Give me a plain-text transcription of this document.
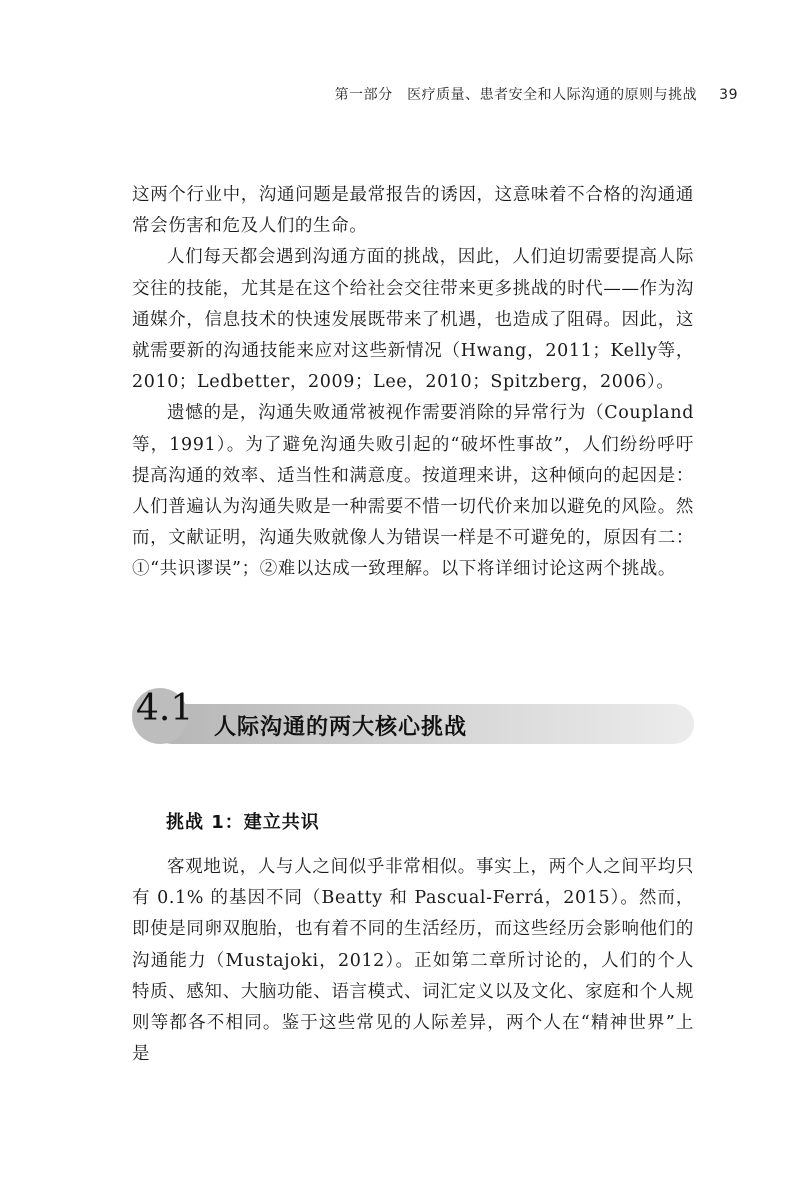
第一部分　医疗质量、患者安全和人际沟通的原则与挑战 39

这两个行业中，沟通问题是最常报告的诱因，这意味着不合格的沟通通常会伤害和危及人们的生命。

人们每天都会遇到沟通方面的挑战，因此，人们迫切需要提高人际交往的技能，尤其是在这个给社会交往带来更多挑战的时代——作为沟通媒介，信息技术的快速发展既带来了机遇，也造成了阻碍。因此，这就需要新的沟通技能来应对这些新情况（Hwang，2011；Kelly等，2010；Ledbetter，2009；Lee，2010；Spitzberg，2006）。

遗憾的是，沟通失败通常被视作需要消除的异常行为（Coupland等，1991）。为了避免沟通失败引起的“破坏性事故”，人们纷纷呼吁提高沟通的效率、适当性和满意度。按道理来讲，这种倾向的起因是：人们普遍认为沟通失败是一种需要不惜一切代价来加以避免的风险。然而，文献证明，沟通失败就像人为错误一样是不可避免的，原因有二：①“共识谬误”；②难以达成一致理解。以下将详细讨论这两个挑战。

4.1 人际沟通的两大核心挑战
挑战 1：建立共识

客观地说，人与人之间似乎非常相似。事实上，两个人之间平均只有 0.1% 的基因不同（Beatty 和 Pascual-Ferrá，2015）。然而，即使是同卵双胞胎，也有着不同的生活经历，而这些经历会影响他们的沟通能力（Mustajoki，2012）。正如第二章所讨论的，人们的个人特质、感知、大脑功能、语言模式、词汇定义以及文化、家庭和个人规则等都各不相同。鉴于这些常见的人际差异，两个人在“精神世界”上是
